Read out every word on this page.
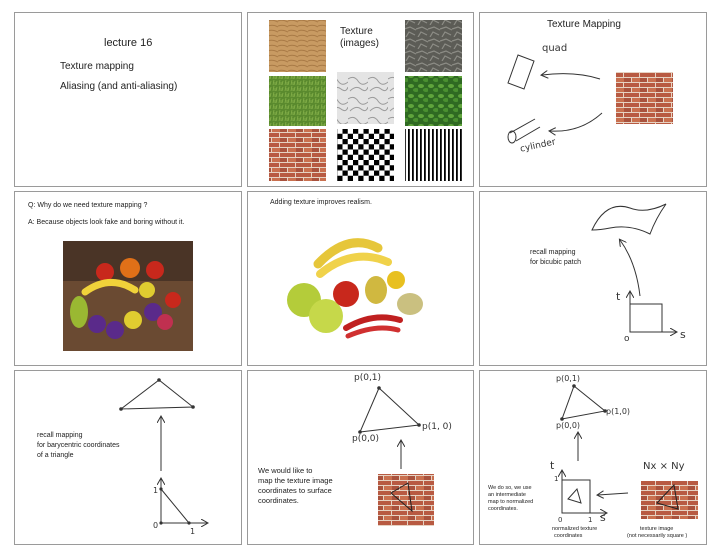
lecture 16
Texture mapping
Aliasing (and anti-aliasing)
Texture
(images)
Texture Mapping
quad
cylinder
Q: Why do we need texture mapping ?
A: Because objects look fake and boring without it.
Adding texture improves realism.
recall mapping
for bicubic patch
t
s
o
recall mapping
for barycentric coordinates
of a triangle
1
0
1
p(0,1)
p(1, 0)
p(0,0)
We would like to
map the texture image
coordinates to surface
coordinates.
p(0,1)
p(1,0)
p(0,0)
t
s
1
0	1
Nx × Ny
We do so, we use
an intermediate
map to normalized
coordinates.
normalized texture
coordinates
texture image
(not necessarily square )
